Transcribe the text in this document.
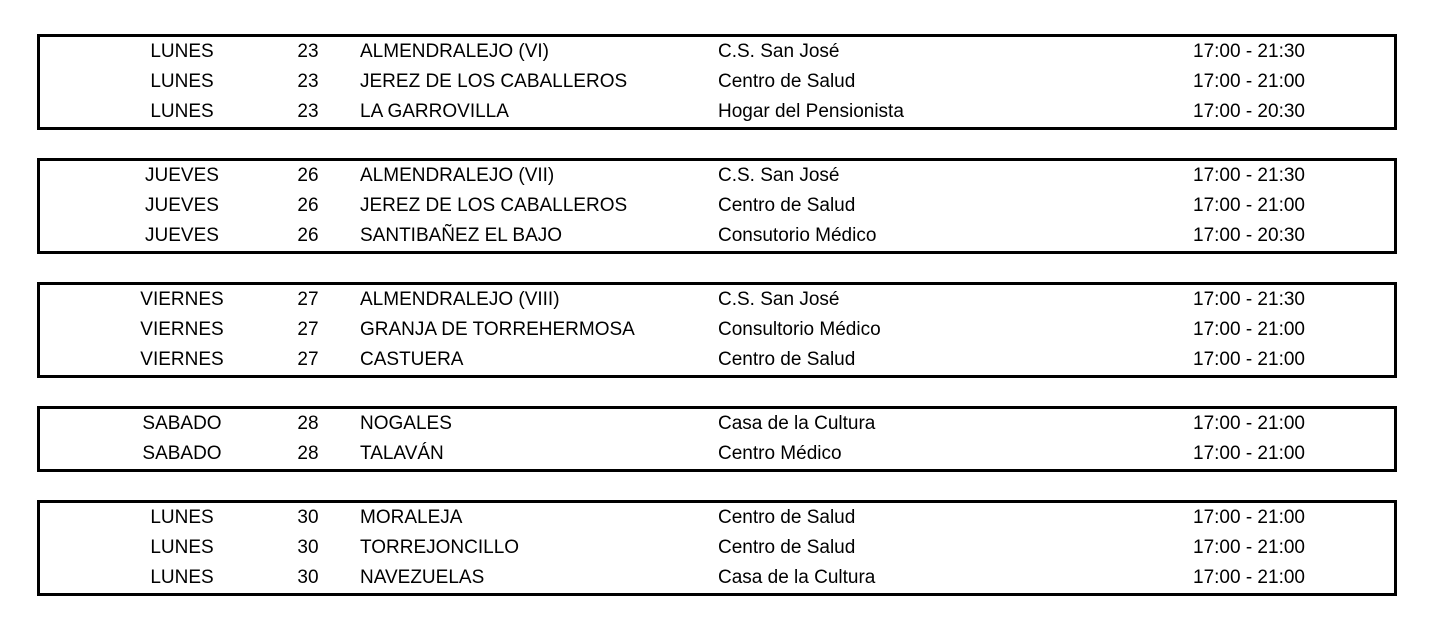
LUNES	23	ALMENDRALEJO (VI)	C.S. San José	17:00 - 21:30
LUNES	23	JEREZ DE LOS CABALLEROS	Centro de Salud	17:00 - 21:00
LUNES	23	LA GARROVILLA	Hogar del Pensionista	17:00 - 20:30
JUEVES	26	ALMENDRALEJO (VII)	C.S. San José	17:00 - 21:30
JUEVES	26	JEREZ DE LOS CABALLEROS	Centro de Salud	17:00 - 21:00
JUEVES	26	SANTIBAÑEZ EL BAJO	Consutorio Médico	17:00 - 20:30
VIERNES	27	ALMENDRALEJO (VIII)	C.S. San José	17:00 - 21:30
VIERNES	27	GRANJA DE TORREHERMOSA	Consultorio Médico	17:00 - 21:00
VIERNES	27	CASTUERA	Centro de Salud	17:00 - 21:00
SABADO	28	NOGALES	Casa de la Cultura	17:00 - 21:00
SABADO	28	TALAVÁN	Centro Médico	17:00 - 21:00
LUNES	30	MORALEJA	Centro de Salud	17:00 - 21:00
LUNES	30	TORREJONCILLO	Centro de Salud	17:00 - 21:00
LUNES	30	NAVEZUELAS	Casa de la Cultura	17:00 - 21:00
